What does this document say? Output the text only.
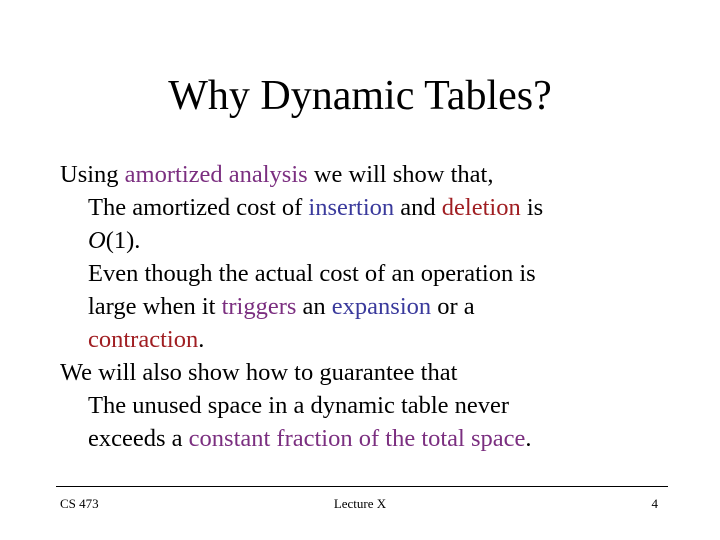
Why Dynamic Tables?
Using amortized analysis we will show that,
The amortized cost of insertion and deletion is
O(1).
Even though the actual cost of an operation is
large when it triggers an expansion or a
contraction.
We will also show how to guarantee that
The unused space in a dynamic table never
exceeds a constant fraction of the total space.
CS 473	Lecture X	4
